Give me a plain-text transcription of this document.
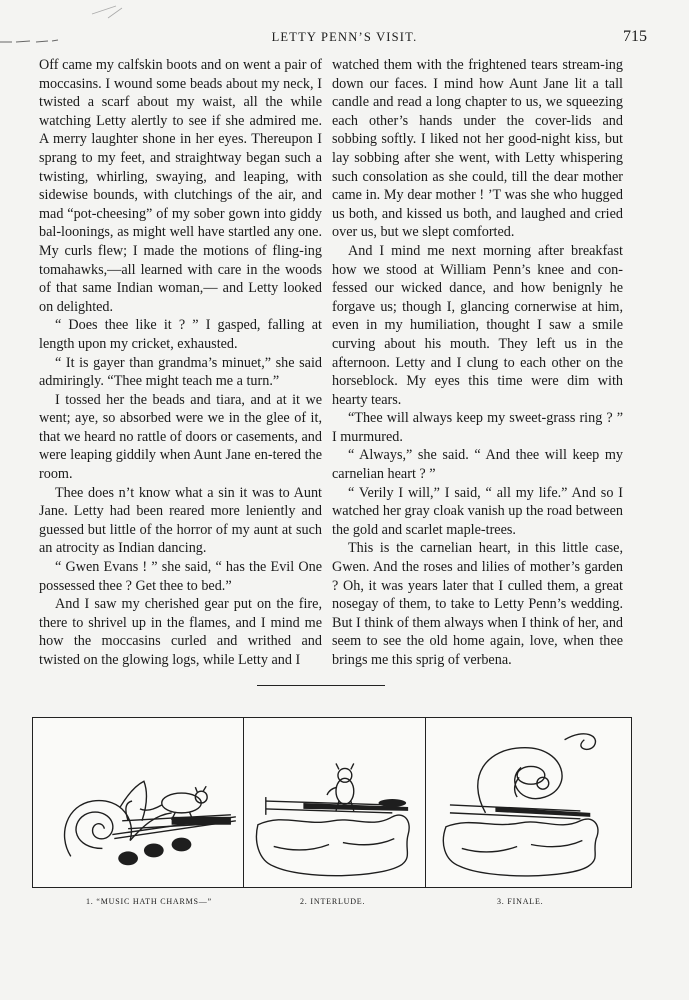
LETTY PENN’S VISIT.	715

Off came my calfskin boots and on went a pair of moccasins. I wound some beads about my neck, I twisted a scarf about my waist, all the while watching Letty alertly to see if she admired me. A merry laughter shone in her eyes. Thereupon I sprang to my feet, and straightway began such a twisting, whirling, swaying, and leaping, with sidewise bounds, with clutchings of the air, and mad “pot-cheesing” of my sober gown into giddy bal-loonings, as might well have startled any one. My curls flew; I made the motions of fling-ing tomahawks,—all learned with care in the woods of that same Indian woman,— and Letty looked on delighted.

“ Does thee like it ? ” I gasped, falling at length upon my cricket, exhausted.

“ It is gayer than grandma’s minuet,” she said admiringly. “Thee might teach me a turn.”

I tossed her the beads and tiara, and at it we went; aye, so absorbed were we in the glee of it, that we heard no rattle of doors or casements, and were leaping giddily when Aunt Jane en-tered the room.

Thee does n’t know what a sin it was to Aunt Jane. Letty had been reared more leniently and guessed but little of the horror of my aunt at such an atrocity as Indian dancing.

“ Gwen Evans ! ” she said, “ has the Evil One possessed thee ? Get thee to bed.”

And I saw my cherished gear put on the fire, there to shrivel up in the flames, and I mind me how the moccasins curled and writhed and twisted on the glowing logs, while Letty and I

watched them with the frightened tears stream-ing down our faces. I mind how Aunt Jane lit a tall candle and read a long chapter to us, we squeezing each other’s hands under the cover-lids and sobbing softly. I liked not her good-night kiss, but lay sobbing after she went, with Letty whispering such consolation as she could, till the dear mother came in. My dear mother ! ’T was she who hugged us both, and kissed us both, and laughed and cried over us, but we slept comforted.

And I mind me next morning after breakfast how we stood at William Penn’s knee and con-fessed our wicked dance, and how benignly he forgave us; though I, glancing cornerwise at him, even in my humiliation, thought I saw a smile curving about his mouth. They left us in the afternoon. Letty and I clung to each other on the horseblock. My eyes this time were dim with hearty tears.

“Thee will always keep my sweet-grass ring ? ” I murmured.

“ Always,” she said. “ And thee will keep my carnelian heart ? ”

“ Verily I will,” I said, “ all my life.” And so I watched her gray cloak vanish up the road between the gold and scarlet maple-trees.

This is the carnelian heart, in this little case, Gwen. And the roses and lilies of mother’s garden ? Oh, it was years later that I culled them, a great nosegay of them, to take to Letty Penn’s wedding. But I think of them always when I think of her, and seem to see the old home again, love, when thee brings me this sprig of verbena.

1. “MUSIC HATH CHARMS—”	2. INTERLUDE.	3. FINALE.
